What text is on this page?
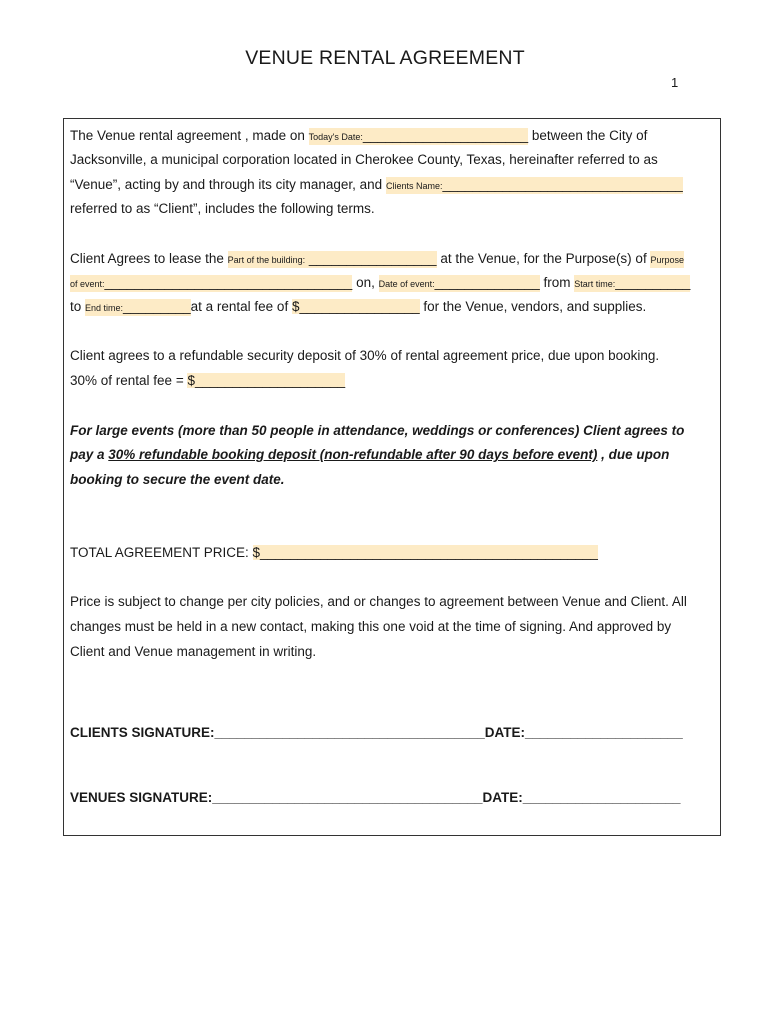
VENUE RENTAL AGREEMENT
1
The Venue rental agreement , made on Today's Date:______________________ between the City of
Jacksonville, a municipal corporation located in Cherokee County, Texas, hereinafter referred to as
“Venue”, acting by and through its city manager, and Clients Name:________________________________
referred to as “Client”, includes the following terms.
Client Agrees to lease the Part of the building: _________________ at the Venue, for the Purpose(s) of Purpose
of event:_________________________________ on, Date of event:______________ from Start time:__________
to End time:_________at a rental fee of $________________ for the Venue, vendors, and supplies.
Client agrees to a refundable security deposit of 30% of rental agreement price, due upon booking.
30% of rental fee = $____________________
For large events (more than 50 people in attendance, weddings or conferences) Client agrees to
pay a 30% refundable booking deposit (non-refundable after 90 days before event) , due upon
booking to secure the event date.
TOTAL AGREEMENT PRICE: $_____________________________________________
Price is subject to change per city policies, and or changes to agreement between Venue and Client. All
changes must be held in a new contact, making this one void at the time of signing. And approved by
Client and Venue management in writing.
CLIENTS SIGNATURE:____________________________________DATE:_____________________
VENUES SIGNATURE:____________________________________DATE:_____________________
